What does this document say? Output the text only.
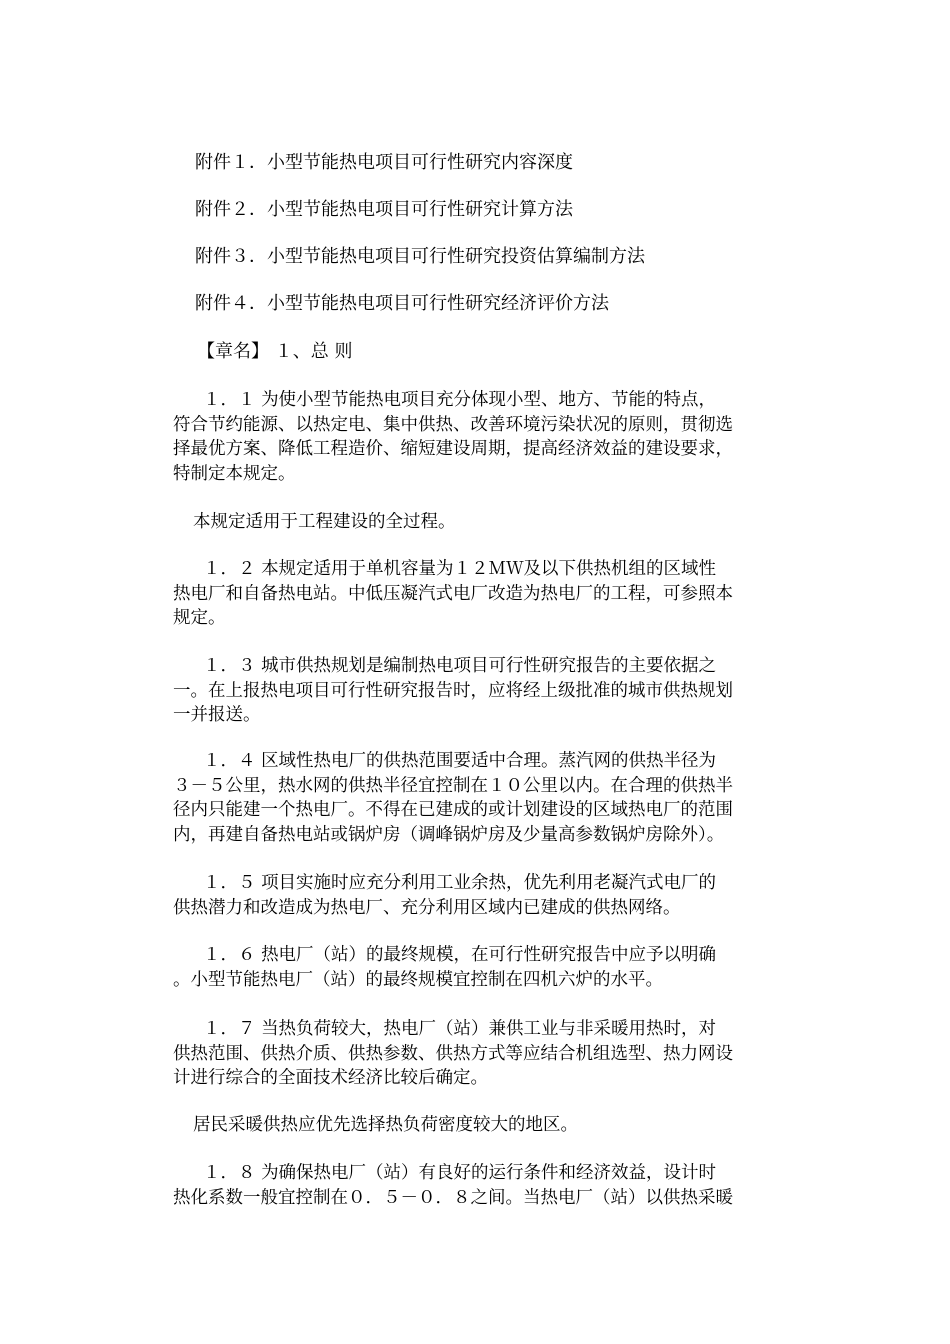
附件１．小型节能热电项目可行性研究内容深度
附件２．小型节能热电项目可行性研究计算方法
附件３．小型节能热电项目可行性研究投资估算编制方法
附件４．小型节能热电项目可行性研究经济评价方法
【章名】 １、总 则
１．１ 为使小型节能热电项目充分体现小型、地方、节能的特点，
符合节约能源、以热定电、集中供热、改善环境污染状况的原则，贯彻选
择最优方案、降低工程造价、缩短建设周期，提高经济效益的建设要求，
特制定本规定。
本规定适用于工程建设的全过程。
１．２ 本规定适用于单机容量为１２ＭＷ及以下供热机组的区域性
热电厂和自备热电站。中低压凝汽式电厂改造为热电厂的工程，可参照本
规定。
１．３ 城市供热规划是编制热电项目可行性研究报告的主要依据之
一。在上报热电项目可行性研究报告时，应将经上级批准的城市供热规划
一并报送。
１．４ 区域性热电厂的供热范围要适中合理。蒸汽网的供热半径为
３－５公里，热水网的供热半径宜控制在１０公里以内。在合理的供热半
径内只能建一个热电厂。不得在已建成的或计划建设的区域热电厂的范围
内，再建自备热电站或锅炉房（调峰锅炉房及少量高参数锅炉房除外）。
１．５ 项目实施时应充分利用工业余热，优先利用老凝汽式电厂的
供热潜力和改造成为热电厂、充分利用区域内已建成的供热网络。
１．６ 热电厂（站）的最终规模，在可行性研究报告中应予以明确
。小型节能热电厂（站）的最终规模宜控制在四机六炉的水平。
１．７ 当热负荷较大，热电厂（站）兼供工业与非采暖用热时，对
供热范围、供热介质、供热参数、供热方式等应结合机组选型、热力网设
计进行综合的全面技术经济比较后确定。
居民采暖供热应优先选择热负荷密度较大的地区。
１．８ 为确保热电厂（站）有良好的运行条件和经济效益，设计时
热化系数一般宜控制在０．５－０．８之间。当热电厂（站）以供热采暖
